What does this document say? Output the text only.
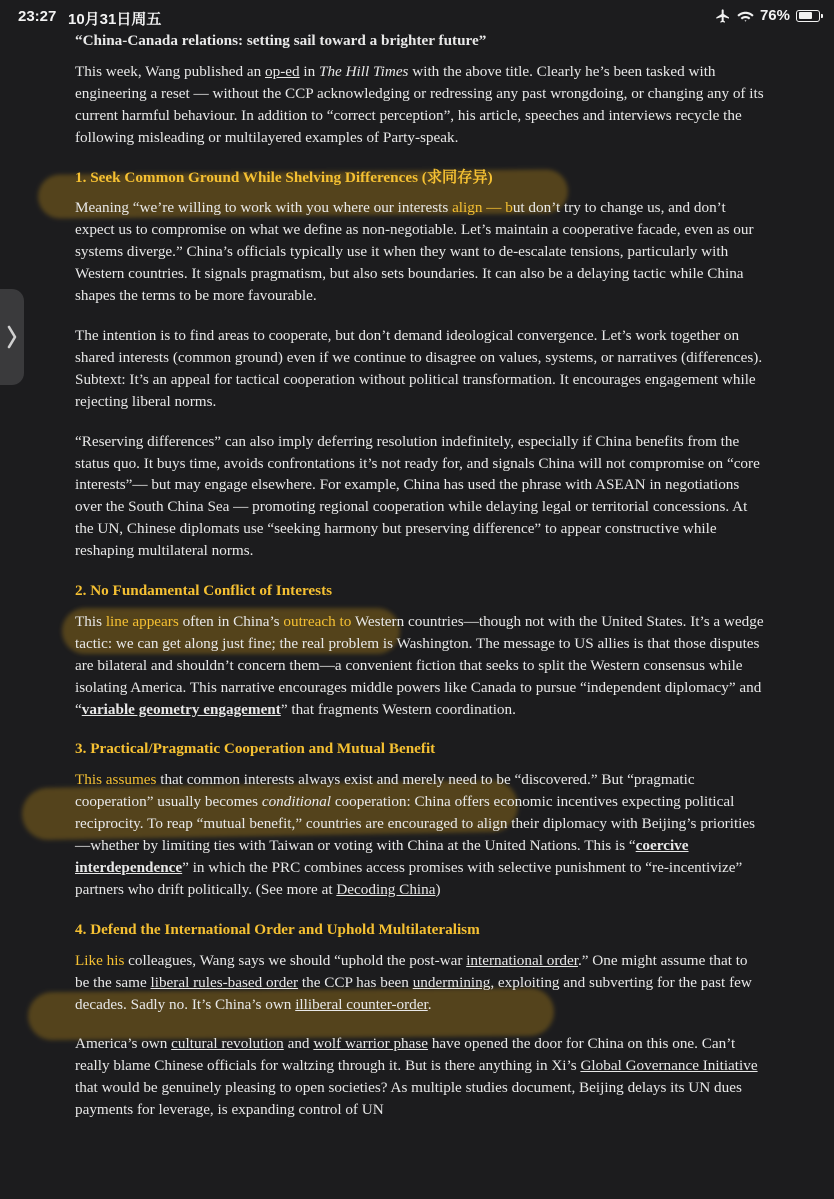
23:27 10月31日周五	76%

“China-Canada relations: setting sail toward a brighter future”

This week, Wang published an op-ed in The Hill Times with the above title. Clearly he’s been tasked with engineering a reset — without the CCP acknowledging or redressing any past wrongdoing, or changing any of its current harmful behaviour. In addition to “correct perception”, his article, speeches and interviews recycle the following misleading or multilayered examples of Party-speak.

1. Seek Common Ground While Shelving Differences (求同存异)

Meaning “we’re willing to work with you where our interests align — but don’t try to change us, and don’t expect us to compromise on what we define as non-negotiable. Let’s maintain a cooperative facade, even as our systems diverge.” China’s officials typically use it when they want to de-escalate tensions, particularly with Western countries. It signals pragmatism, but also sets boundaries. It can also be a delaying tactic while China shapes the terms to be more favourable.

The intention is to find areas to cooperate, but don’t demand ideological convergence. Let’s work together on shared interests (common ground) even if we continue to disagree on values, systems, or narratives (differences). Subtext: It’s an appeal for tactical cooperation without political transformation. It encourages engagement while rejecting liberal norms.

“Reserving differences” can also imply deferring resolution indefinitely, especially if China benefits from the status quo. It buys time, avoids confrontations it’s not ready for, and signals China will not compromise on “core interests”— but may engage elsewhere. For example, China has used the phrase with ASEAN in negotiations over the South China Sea — promoting regional cooperation while delaying legal or territorial concessions. At the UN, Chinese diplomats use “seeking harmony but preserving difference” to appear constructive while reshaping multilateral norms.

2. No Fundamental Conflict of Interests

This line appears often in China’s outreach to Western countries—though not with the United States. It’s a wedge tactic: we can get along just fine; the real problem is Washington. The message to US allies is that those disputes are bilateral and shouldn’t concern them—a convenient fiction that seeks to split the Western consensus while isolating America. This narrative encourages middle powers like Canada to pursue “independent diplomacy” and “variable geometry engagement” that fragments Western coordination.

3. Practical/Pragmatic Cooperation and Mutual Benefit

This assumes that common interests always exist and merely need to be “discovered.” But “pragmatic cooperation” usually becomes conditional cooperation: China offers economic incentives expecting political reciprocity. To reap “mutual benefit,” countries are encouraged to align their diplomacy with Beijing’s priorities—whether by limiting ties with Taiwan or voting with China at the United Nations. This is “coercive interdependence” in which the PRC combines access promises with selective punishment to “re-incentivize” partners who drift politically. (See more at Decoding China)

4. Defend the International Order and Uphold Multilateralism

Like his colleagues, Wang says we should “uphold the post-war international order.” One might assume that to be the same liberal rules-based order the CCP has been undermining, exploiting and subverting for the past few decades. Sadly no. It’s China’s own illiberal counter-order.

America’s own cultural revolution and wolf warrior phase have opened the door for China on this one. Can’t really blame Chinese officials for waltzing through it. But is there anything in Xi’s Global Governance Initiative that would be genuinely pleasing to open societies? As multiple studies document, Beijing delays its UN dues payments for leverage, is expanding control of UN
